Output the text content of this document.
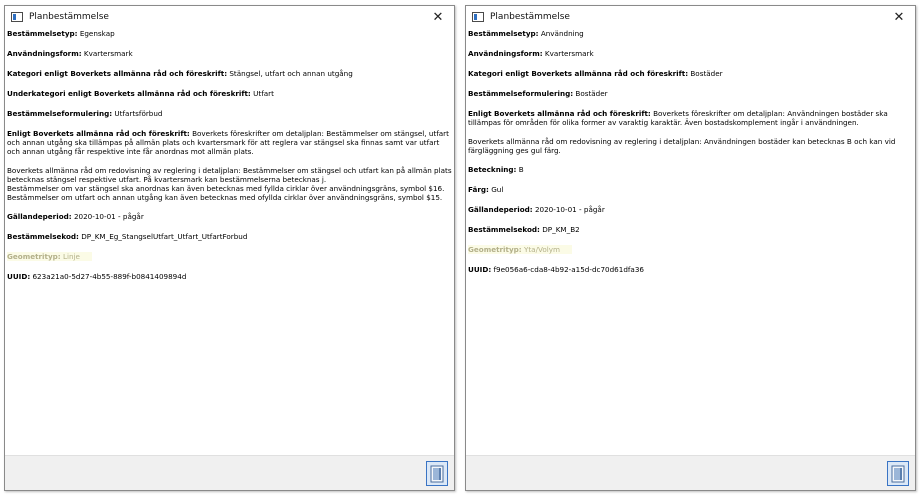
Planbestämmelse	✕
Bestämmelsetyp: Egenskap
Användningsform: Kvartersmark
Kategori enligt Boverkets allmänna råd och föreskrift: Stängsel, utfart och annan utgång
Underkategori enligt Boverkets allmänna råd och föreskrift: Utfart
Bestämmelseformulering: Utfartsförbud
Enligt Boverkets allmänna råd och föreskrift: Boverkets föreskrifter om detaljplan: Bestämmelser om stängsel, utfart och annan utgång ska tillämpas på allmän plats och kvartersmark för att reglera var stängsel ska finnas samt var utfart och annan utgång får respektive inte får anordnas mot allmän plats.
Boverkets allmänna råd om redovisning av reglering i detaljplan: Bestämmelser om stängsel och utfart kan på allmän plats betecknas stängsel respektive utfart. På kvartersmark kan bestämmelserna betecknas j.
Bestämmelser om var stängsel ska anordnas kan även betecknas med fyllda cirklar över användningsgräns, symbol $16.
Bestämmelser om utfart och annan utgång kan även betecknas med ofyllda cirklar över användningsgräns, symbol $15.
Gällandeperiod: 2020-10-01 - pågår
Bestämmelsekod: DP_KM_Eg_StangselUtfart_Utfart_UtfartForbud
Geometrityp: Linje
UUID: 623a21a0-5d27-4b55-889f-b0841409894d
Planbestämmelse	✕
Bestämmelsetyp: Användning
Användningsform: Kvartersmark
Kategori enligt Boverkets allmänna råd och föreskrift: Bostäder
Bestämmelseformulering: Bostäder
Enligt Boverkets allmänna råd och föreskrift: Boverkets föreskrifter om detaljplan: Användningen bostäder ska tillämpas för områden för olika former av varaktig karaktär. Även bostadskomplement ingår i användningen.
Boverkets allmänna råd om redovisning av reglering i detaljplan: Användningen bostäder kan betecknas B och kan vid färgläggning ges gul färg.
Beteckning: B
Färg: Gul
Gällandeperiod: 2020-10-01 - pågår
Bestämmelsekod: DP_KM_B2
Geometrityp: Yta/Volym
UUID: f9e056a6-cda8-4b92-a15d-dc70d61dfa36
